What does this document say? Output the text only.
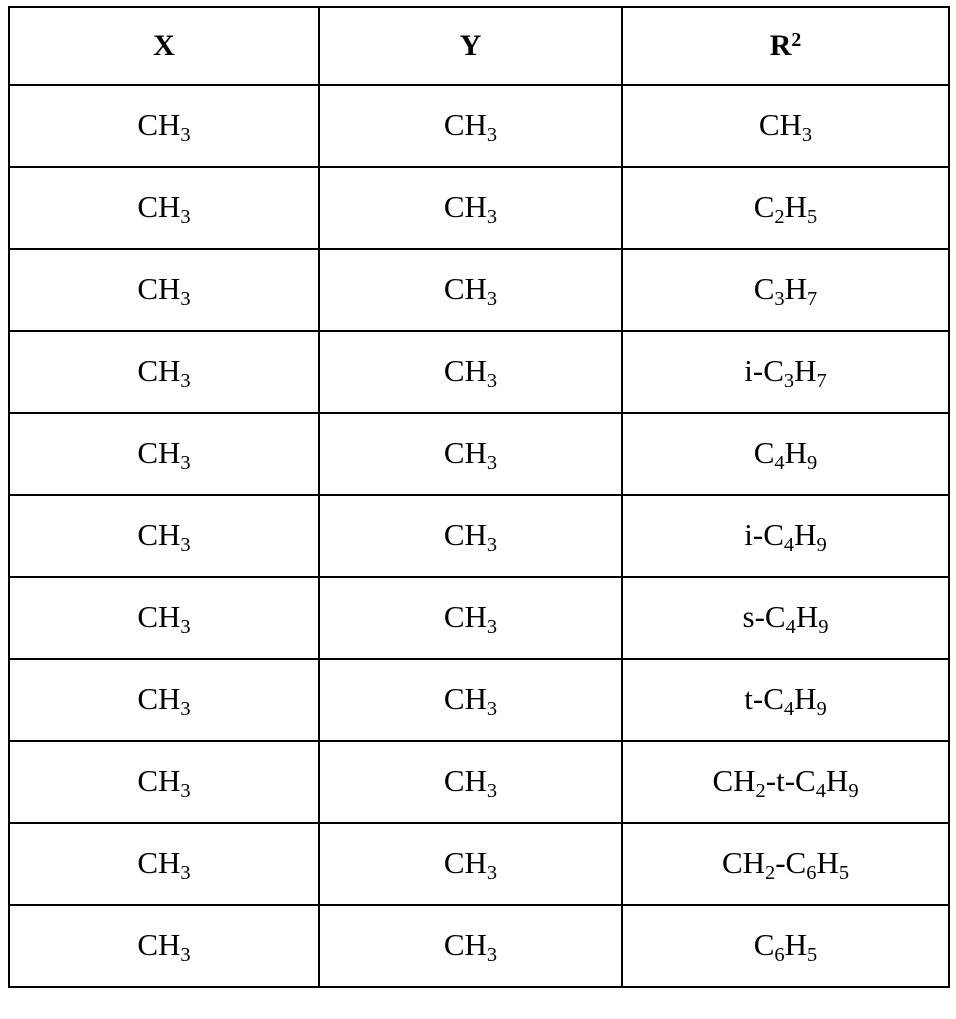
X	Y	$R^2$
$CH_3$	$CH_3$	$CH_3$
$CH_3$	$CH_3$	$C_2H_5$
$CH_3$	$CH_3$	$C_3H_7$
$CH_3$	$CH_3$	$i-C_3H_7$
$CH_3$	$CH_3$	$C_4H_9$
$CH_3$	$CH_3$	$i-C_4H_9$
$CH_3$	$CH_3$	$s-C_4H_9$
$CH_3$	$CH_3$	$t-C_4H_9$
$CH_3$	$CH_3$	$CH_2-t-C_4H_9$
$CH_3$	$CH_3$	$CH_2-C_6H_5$
$CH_3$	$CH_3$	$C_6H_5$
